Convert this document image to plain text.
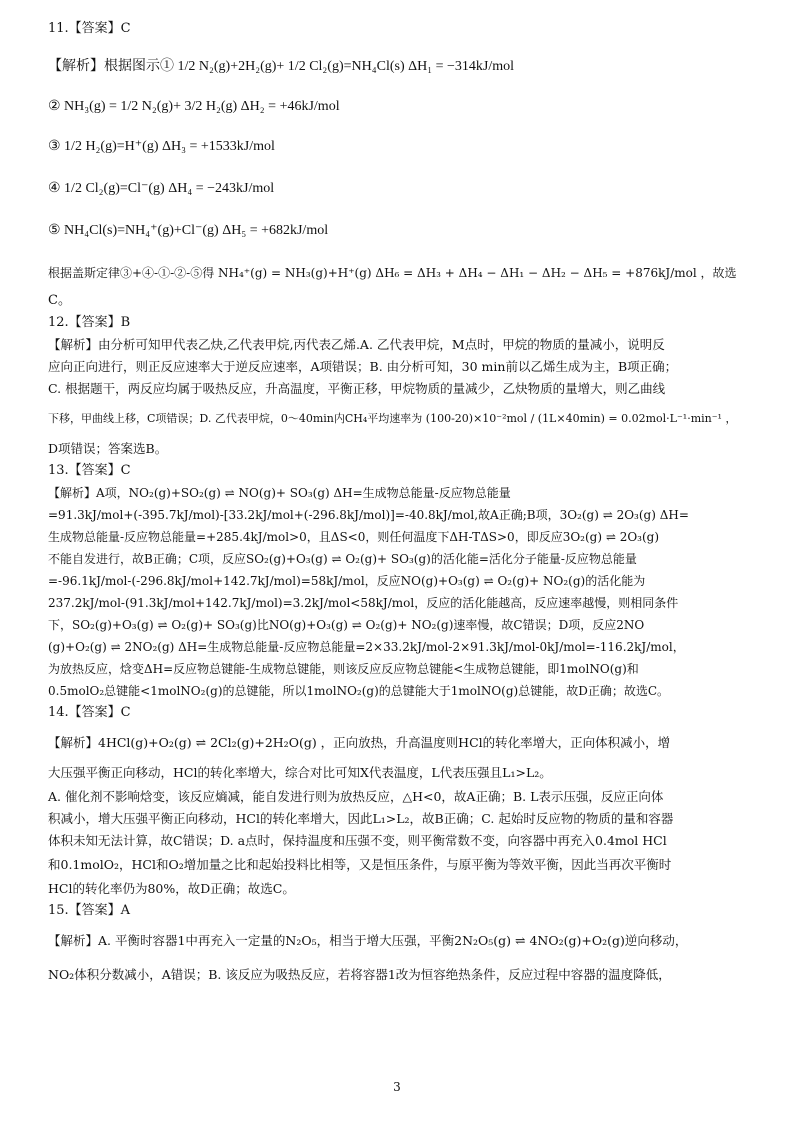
11.【答案】C
【解析】根据图示① 1/2 N₂(g)+2H₂(g)+ 1/2 Cl₂(g)=NH₄Cl(s) ΔH₁ = −314kJ/mol
② NH₃(g) = 1/2 N₂(g)+ 3/2 H₂(g) ΔH₂ = +46kJ/mol
③ 1/2 H₂(g)=H⁺(g) ΔH₃ = +1533kJ/mol
④ 1/2 Cl₂(g)=Cl⁻(g) ΔH₄ = −243kJ/mol
⑤ NH₄Cl(s)=NH₄⁺(g)+Cl⁻(g) ΔH₅ = +682kJ/mol
根据盖斯定律③+④-①-②-⑤得 NH₄⁺(g) = NH₃(g)+H⁺(g) ΔH₆ = ΔH₃ + ΔH₄ − ΔH₁ − ΔH₂ − ΔH₅ = +876kJ/mol ，故选
C。
12.【答案】B
【解析】由分析可知甲代表乙炔,乙代表甲烷,丙代表乙烯.A. 乙代表甲烷，M点时，甲烷的物质的量减小，说明反
应向正向进行，则正反应速率大于逆反应速率，A项错误；B. 由分析可知，30 min前以乙烯生成为主，B项正确；
C. 根据题干，两反应均属于吸热反应，升高温度，平衡正移，甲烷物质的量减少，乙炔物质的量增大，则乙曲线
下移，甲曲线上移，C项错误；D. 乙代表甲烷，0～40min内CH₄平均速率为 (100-20)×10⁻²mol / (1L×40min) = 0.02mol·L⁻¹·min⁻¹ ，
D项错误；答案选B。
13.【答案】C
【解析】A项，NO₂(g)+SO₂(g) ⇌ NO(g)+ SO₃(g) ΔH=生成物总能量-反应物总能量
=91.3kJ/mol+(-395.7kJ/mol)-[33.2kJ/mol+(-296.8kJ/mol)]=-40.8kJ/mol,故A正确;B项，3O₂(g) ⇌ 2O₃(g) ΔH=
生成物总能量-反应物总能量=+285.4kJ/mol>0，且ΔS<0，则任何温度下ΔH-TΔS>0，即反应3O₂(g) ⇌ 2O₃(g)
不能自发进行，故B正确；C项，反应SO₂(g)+O₃(g) ⇌ O₂(g)+ SO₃(g)的活化能=活化分子能量-反应物总能量
=-96.1kJ/mol-(-296.8kJ/mol+142.7kJ/mol)=58kJ/mol，反应NO(g)+O₃(g) ⇌ O₂(g)+ NO₂(g)的活化能为
237.2kJ/mol-(91.3kJ/mol+142.7kJ/mol)=3.2kJ/mol<58kJ/mol，反应的活化能越高，反应速率越慢，则相同条件
下，SO₂(g)+O₃(g) ⇌ O₂(g)+ SO₃(g)比NO(g)+O₃(g) ⇌ O₂(g)+ NO₂(g)速率慢，故C错误；D项，反应2NO
(g)+O₂(g) ⇌ 2NO₂(g) ΔH=生成物总能量-反应物总能量=2×33.2kJ/mol-2×91.3kJ/mol-0kJ/mol=-116.2kJ/mol，
为放热反应，焓变ΔH=反应物总键能-生成物总键能，则该反应反应物总键能<生成物总键能，即1molNO(g)和
0.5molO₂总键能<1molNO₂(g)的总键能，所以1molNO₂(g)的总键能大于1molNO(g)总键能，故D正确；故选C。
14.【答案】C
【解析】4HCl(g)+O₂(g) ⇌ 2Cl₂(g)+2H₂O(g) ，正向放热，升高温度则HCl的转化率增大，正向体积减小，增
大压强平衡正向移动，HCl的转化率增大，综合对比可知X代表温度，L代表压强且L₁>L₂。
A. 催化剂不影响焓变，该反应熵减，能自发进行则为放热反应，△H<0，故A正确；B. L表示压强，反应正向体
积减小，增大压强平衡正向移动，HCl的转化率增大，因此L₁>L₂，故B正确；C. 起始时反应物的物质的量和容器
体积未知无法计算，故C错误；D. a点时，保持温度和压强不变，则平衡常数不变，向容器中再充入0.4mol HCl
和0.1molO₂，HCl和O₂增加量之比和起始投料比相等，又是恒压条件，与原平衡为等效平衡，因此当再次平衡时
HCl的转化率仍为80%，故D正确；故选C。
15.【答案】A
【解析】A. 平衡时容器1中再充入一定量的N₂O₅，相当于增大压强，平衡2N₂O₅(g) ⇌ 4NO₂(g)+O₂(g)逆向移动，
NO₂体积分数减小，A错误；B. 该反应为吸热反应，若将容器1改为恒容绝热条件，反应过程中容器的温度降低，
3
